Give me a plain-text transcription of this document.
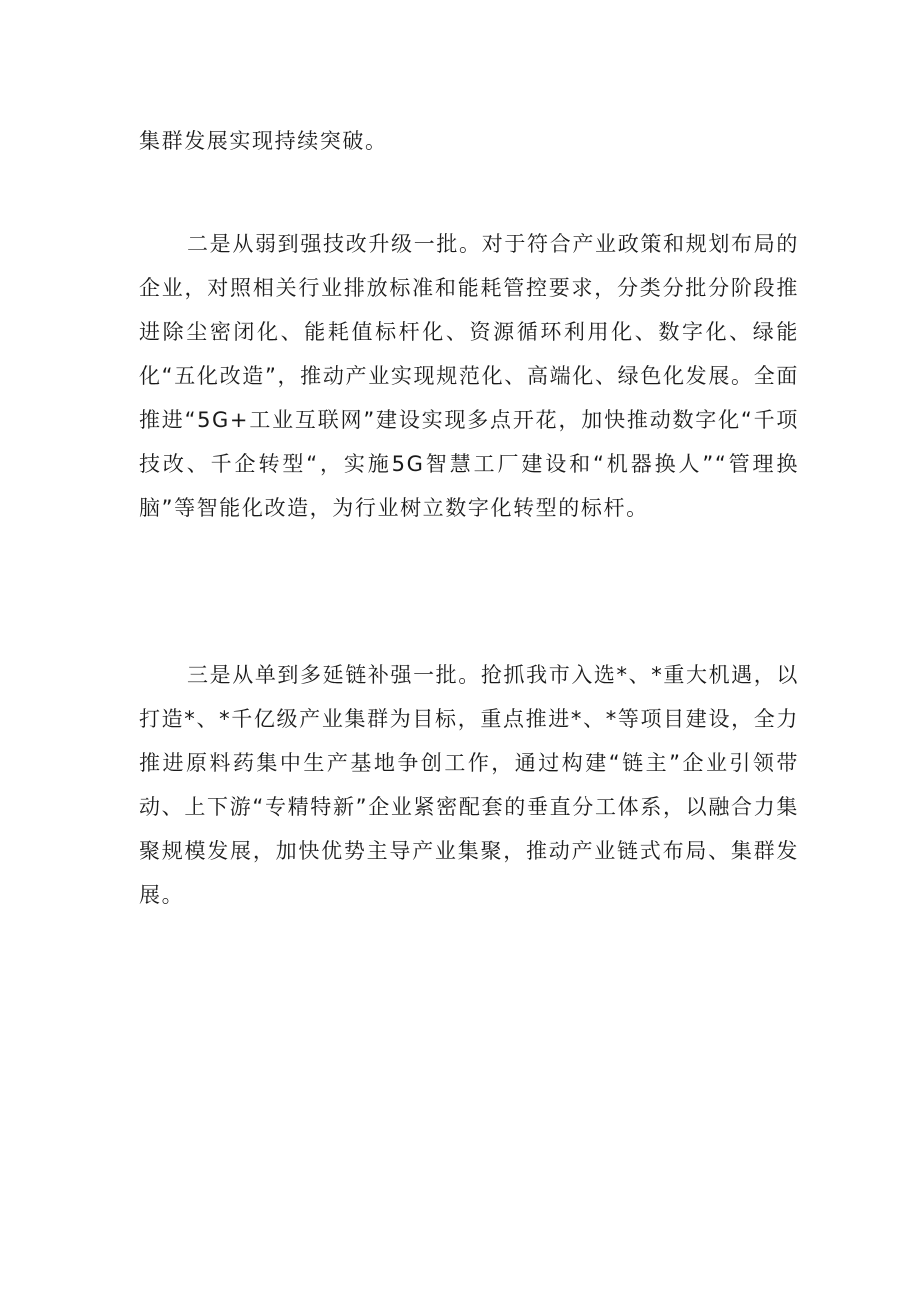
集群发展实现持续突破。

二是从弱到强技改升级一批。对于符合产业政策和规划布局的企业，对照相关行业排放标准和能耗管控要求，分类分批分阶段推进除尘密闭化、能耗值标杆化、资源循环利用化、数字化、绿能化“五化改造”，推动产业实现规范化、高端化、绿色化发展。全面推进“5G+工业互联网”建设实现多点开花，加快推动数字化“千项技改、千企转型“，实施5G智慧工厂建设和“机器换人”“管理换脑”等智能化改造，为行业树立数字化转型的标杆。

三是从单到多延链补强一批。抢抓我市入选*、*重大机遇，以打造*、*千亿级产业集群为目标，重点推进*、*等项目建设，全力推进原料药集中生产基地争创工作，通过构建“链主”企业引领带动、上下游“专精特新”企业紧密配套的垂直分工体系，以融合力集聚规模发展，加快优势主导产业集聚，推动产业链式布局、集群发展。
